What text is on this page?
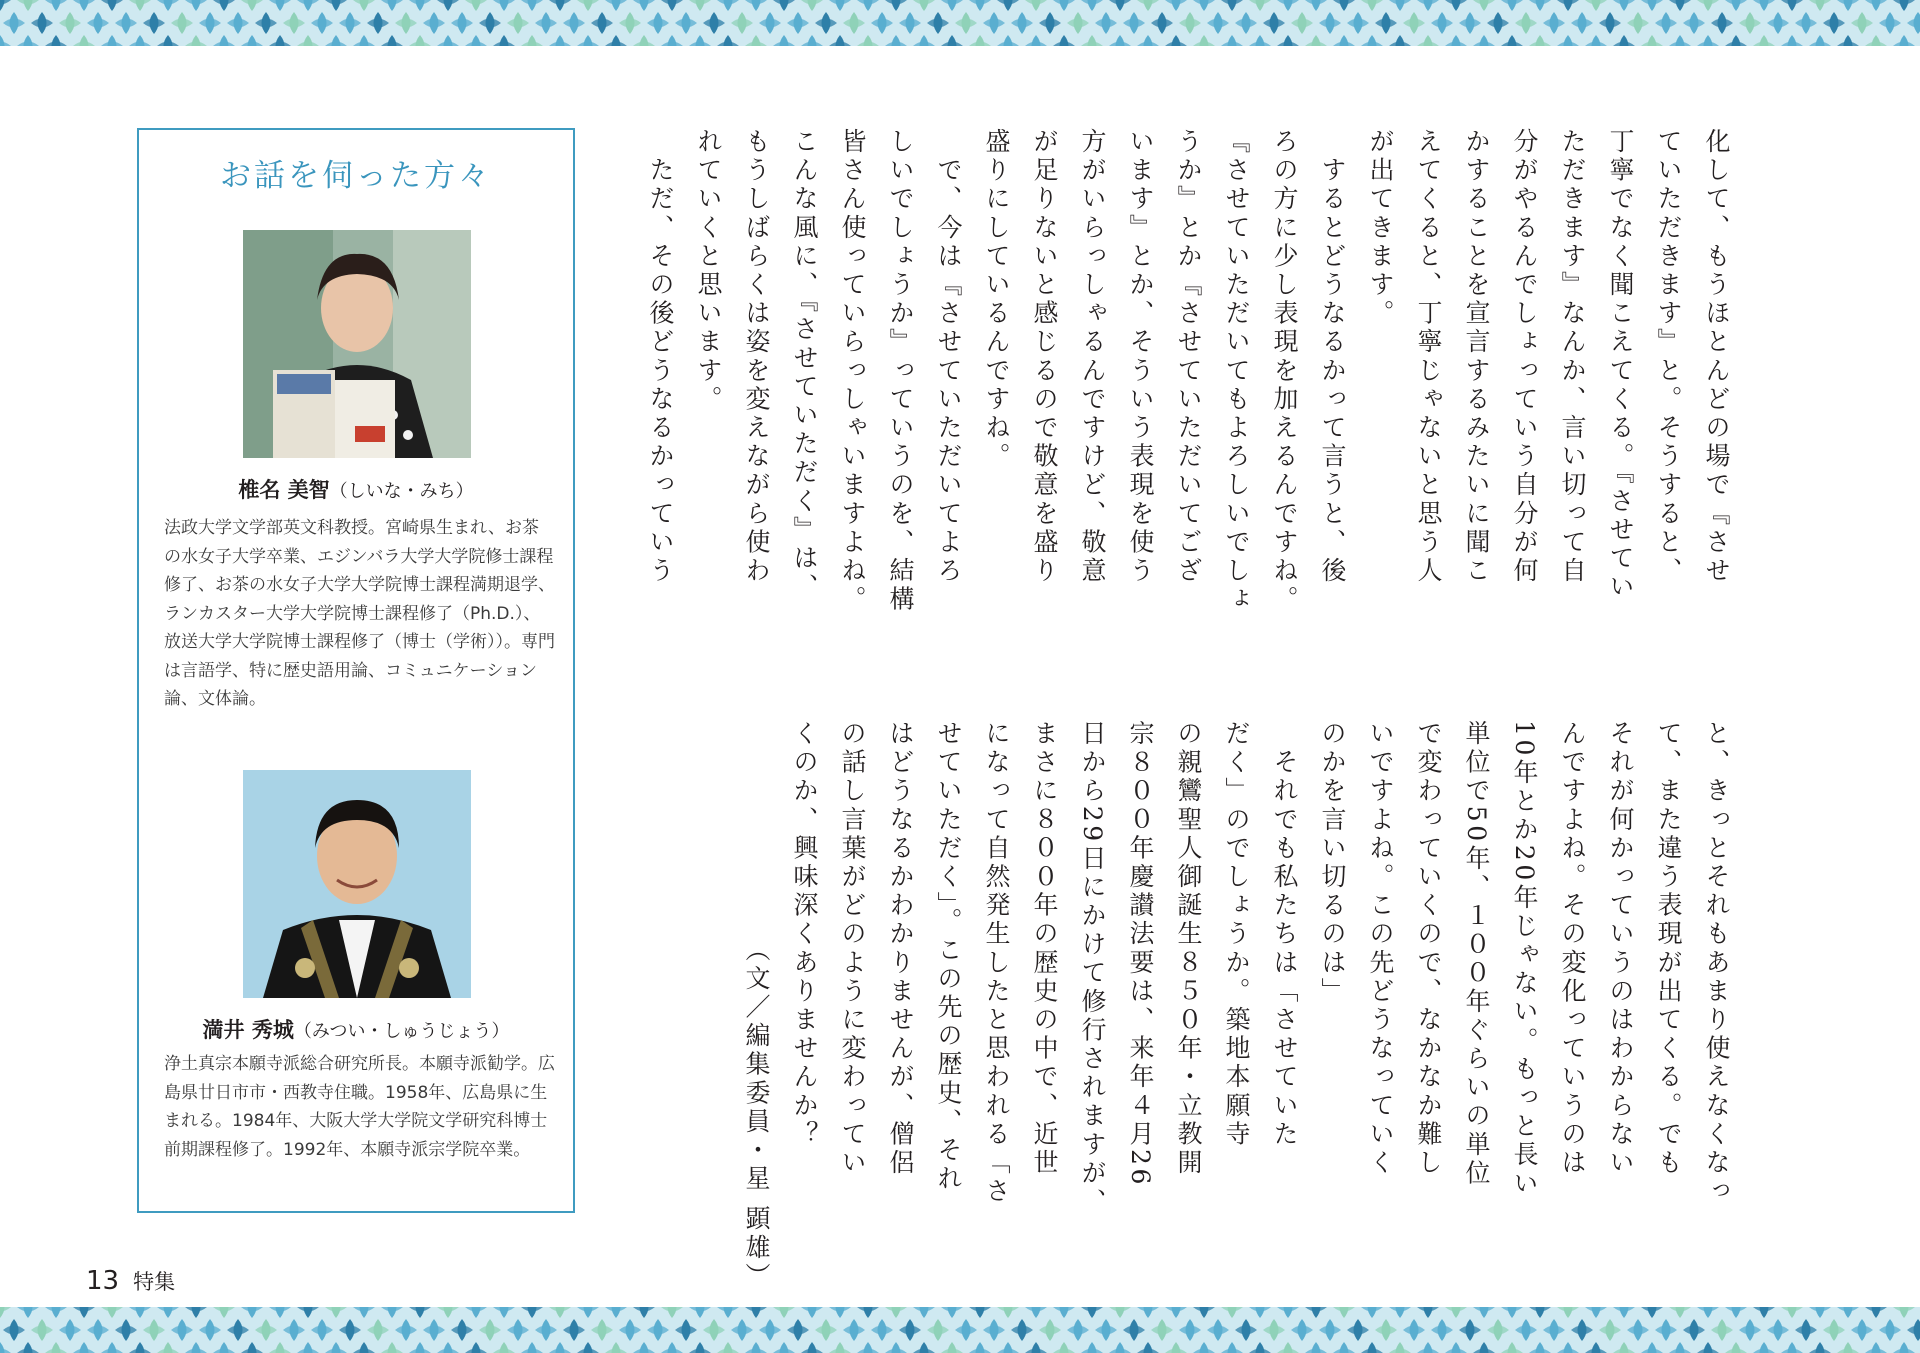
お話を伺った方々
椎名 美智（しいな・みち）

法政大学文学部英文科教授。宮崎県生まれ、お茶の水女子大学卒業、エジンバラ大学大学院修士課程修了、お茶の水女子大学大学院博士課程満期退学、ランカスター大学大学院博士課程修了（Ph.D.）、放送大学大学院博士課程修了（博士（学術））。専門は言語学、特に歴史語用論、コミュニケーション論、文体論。

満井 秀城（みつい・しゅうじょう）

浄土真宗本願寺派総合研究所長。本願寺派勧学。広島県廿日市市・西教寺住職。1958年、広島県に生まれる。1984年、大阪大学大学院文学研究科博士前期課程修了。1992年、本願寺派宗学院卒業。

化して、もうほとんどの場で『させ
ていただきます』と。そうすると、
丁寧でなく聞こえてくる。『させてい
ただきます』なんか、言い切って自
分がやるんでしょっていう自分が何
かすることを宣言するみたいに聞こ
えてくると、丁寧じゃないと思う人
が出てきます。
　するとどうなるかって言うと、後
ろの方に少し表現を加えるんですね。
『させていただいてもよろしいでしょ
うか』とか『させていただいてござ
います』とか、そういう表現を使う
方がいらっしゃるんですけど、敬意
が足りないと感じるので敬意を盛り
盛りにしているんですね。
　で、今は『させていただいてよろ
しいでしょうか』っていうのを、結構
皆さん使っていらっしゃいますよね。
こんな風に、『させていただく』は、
もうしばらくは姿を変えながら使わ
れていくと思います。
　ただ、その後どうなるかっていう

と、きっとそれもあまり使えなくなっ
て、また違う表現が出てくる。でも
それが何かっていうのはわからない
んですよね。その変化っていうのは
10年とか20年じゃない。もっと長い
単位で50年、１００年ぐらいの単位
で変わっていくので、なかなか難し
いですよね。この先どうなっていく
のかを言い切るのは」
　それでも私たちは「させていた
だく」のでしょうか。築地本願寺
の親鸞聖人御誕生８５０年・立教開
宗８００年慶讃法要は、来年４月26
日から29日にかけて修行されますが、
まさに８００年の歴史の中で、近世
になって自然発生したと思われる「さ
せていただく」。この先の歴史、それ
はどうなるかわかりませんが、僧侶
の話し言葉がどのように変わってい
くのか、興味深くありませんか？
　　　　　　　　（文／編集委員・星 顕雄）

13 特集
